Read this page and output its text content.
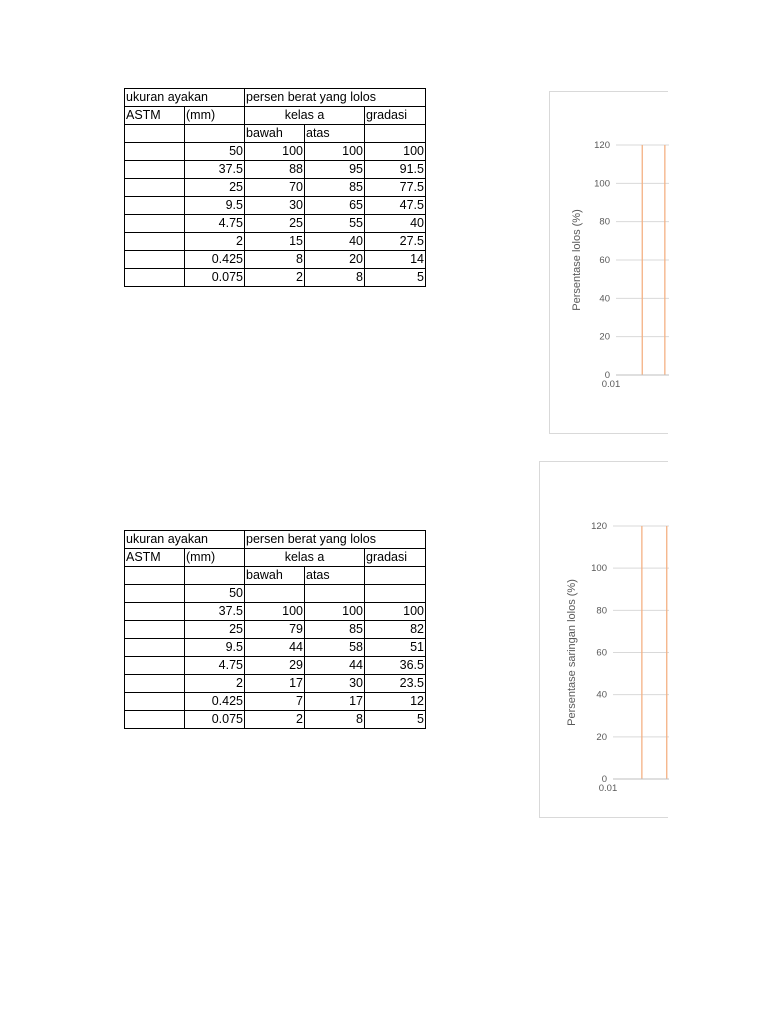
ukuran ayakan		persen berat yang lolos		
ASTM	(mm)	kelas a		gradasi
		bawah	atas	
	50	100	100	100
	37.5	88	95	91.5
	25	70	85	77.5
	9.5	30	65	47.5
	4.75	25	55	40
	2	15	40	27.5
	0.425	8	20	14
	0.075	2	8	5
ukuran ayakan		persen berat yang lolos		
ASTM	(mm)	kelas a		gradasi
		bawah	atas	
	50			
	37.5	100	100	100
	25	79	85	82
	9.5	44	58	51
	4.75	29	44	36.5
	2	17	30	23.5
	0.425	7	17	12
	0.075	2	8	5
0
20
40
60
80
100
120
0.01
Persentase lolos (%)
0
20
40
60
80
100
120
0.01
Persentase saringan lolos (%)
